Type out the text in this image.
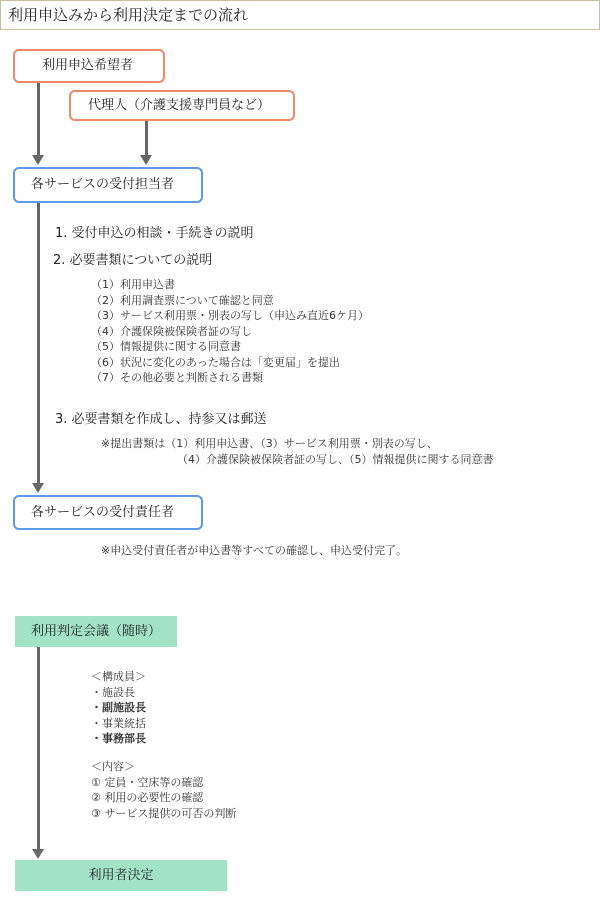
利用申込みから利用決定までの流れ
利用申込希望者
代理人（介護支援専門員など）
各サービスの受付担当者
各サービスの受付責任者
利用判定会議（随時）
利用者決定
1. 受付申込の相談・手続きの説明
2. 必要書類についての説明
（1）利用申込書
（2）利用調査票について確認と同意
（3）サービス利用票・別表の写し（申込み直近6ケ月）
（4）介護保険被保険者証の写し
（5）情報提供に関する同意書
（6）状況に変化のあった場合は「変更届」を提出
（7）その他必要と判断される書類
3. 必要書類を作成し、持参又は郵送
※提出書類は（1）利用申込書、（3）サービス利用票・別表の写し、
（4）介護保険被保険者証の写し、（5）情報提供に関する同意書
※申込受付責任者が申込書等すべての確認し、申込受付完了。
＜構成員＞
・施設長
・副施設長
・事業統括
・事務部長
＜内容＞
① 定員・空床等の確認
② 利用の必要性の確認
③ サービス提供の可否の判断
